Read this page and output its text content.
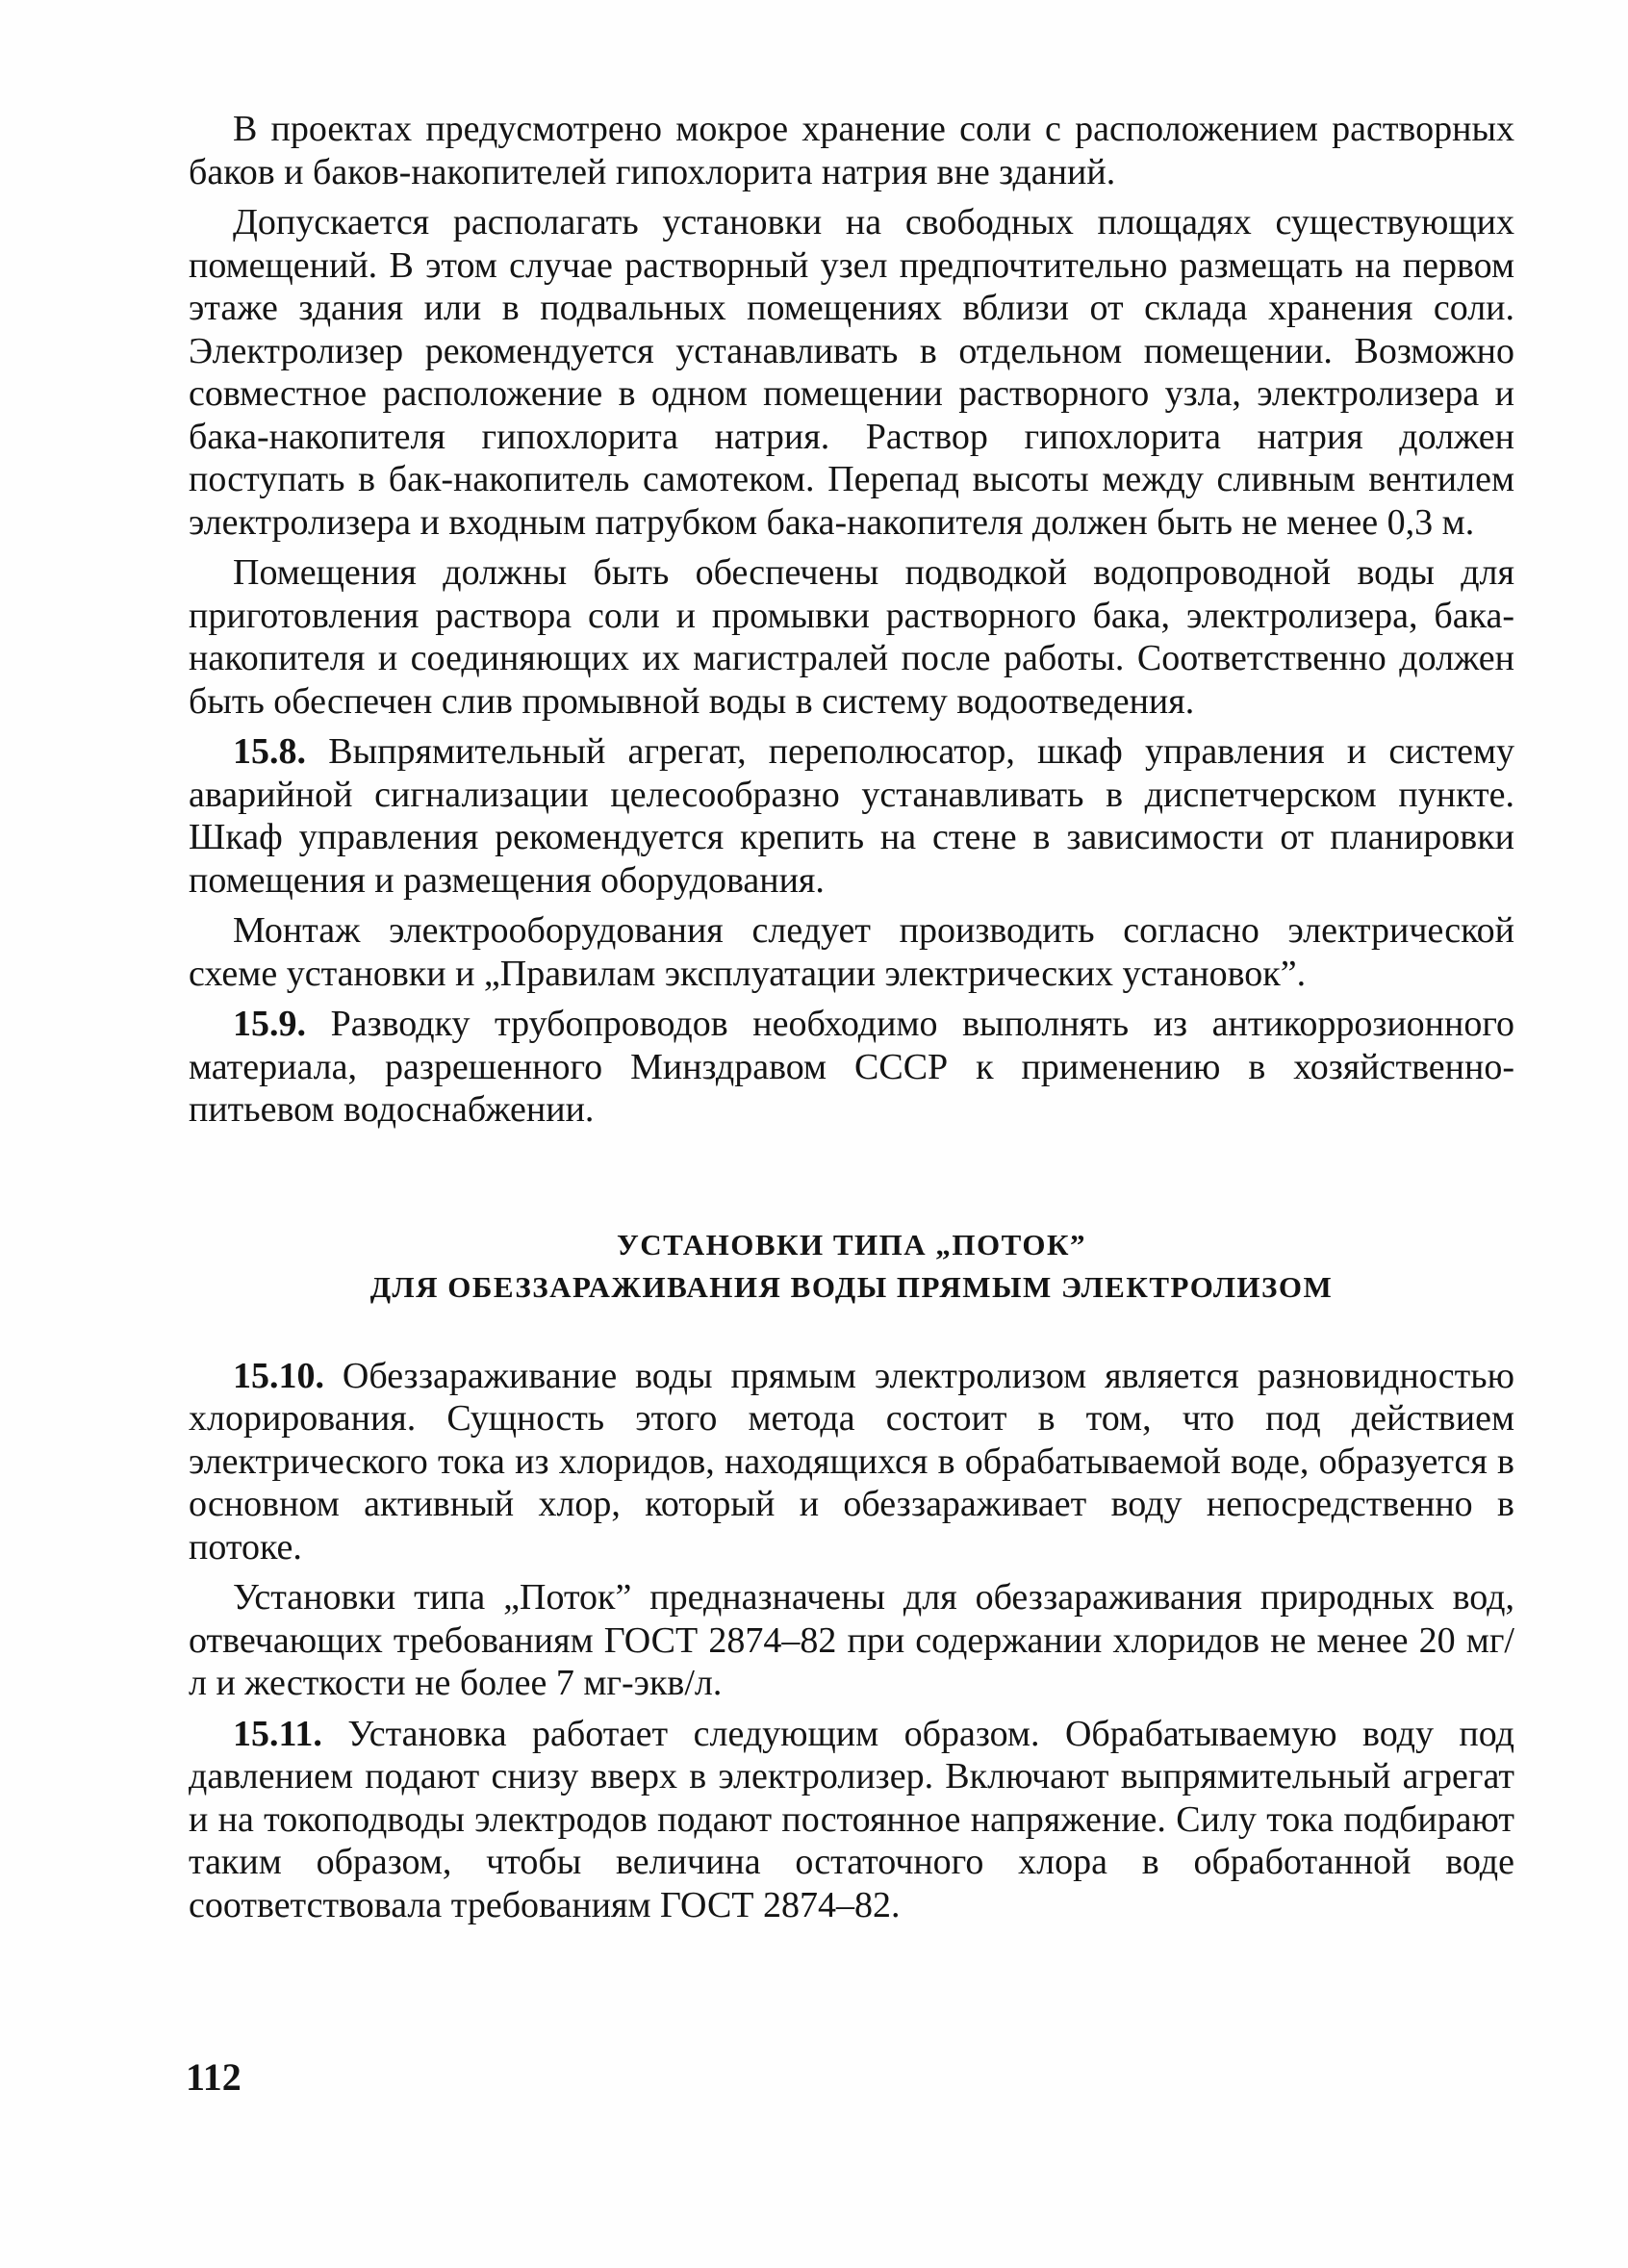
В проектах предусмотрено мокрое хранение соли с расположением растворных баков и баков-накопителей гипохлорита натрия вне зданий.

Допускается располагать установки на свободных площадях существующих помещений. В этом случае растворный узел предпочтительно размещать на первом этаже здания или в подвальных помещениях вблизи от склада хранения соли. Электролизер рекомендуется устанавливать в отдельном помещении. Возможно совместное расположение в одном помещении растворного узла, электролизера и бака-накопителя гипохлорита натрия. Раствор гипохлорита натрия должен поступать в бак-накопитель самотеком. Перепад высоты между сливным вентилем электролизера и входным патрубком бака-накопителя должен быть не менее 0,3 м.

Помещения должны быть обеспечены подводкой водопроводной воды для приготовления раствора соли и промывки растворного бака, электролизера, бака-накопителя и соединяющих их магистралей после работы. Соответственно должен быть обеспечен слив промывной воды в систему водоотведения.

15.8. Выпрямительный агрегат, переполюсатор, шкаф управления и систему аварийной сигнализации целесообразно устанавливать в диспетчерском пункте. Шкаф управления рекомендуется крепить на стене в зависимости от планировки помещения и размещения оборудования.

Монтаж электрооборудования следует производить согласно электрической схеме установки и „Правилам эксплуатации электрических установок”.

15.9. Разводку трубопроводов необходимо выполнять из антикоррозионного материала, разрешенного Минздравом СССР к применению в хозяйственно-питьевом водоснабжении.

УСТАНОВКИ ТИПА „ПОТОК”
ДЛЯ ОБЕЗЗАРАЖИВАНИЯ ВОДЫ ПРЯМЫМ ЭЛЕКТРОЛИЗОМ

15.10. Обеззараживание воды прямым электролизом является разновидностью хлорирования. Сущность этого метода состоит в том, что под действием электрического тока из хлоридов, находящихся в обрабатываемой воде, образуется в основном активный хлор, который и обеззараживает воду непосредственно в потоке.

Установки типа „Поток” предназначены для обеззараживания природных вод, отвечающих требованиям ГОСТ 2874–82 при содержании хлоридов не менее 20 мг/л и жесткости не более 7 мг-экв/л.

15.11. Установка работает следующим образом. Обрабатываемую воду под давлением подают снизу вверх в электролизер. Включают выпрямительный агрегат и на токоподводы электродов подают постоянное напряжение. Силу тока подбирают таким образом, чтобы величина остаточного хлора в обработанной воде соответствовала требованиям ГОСТ 2874–82.

112
